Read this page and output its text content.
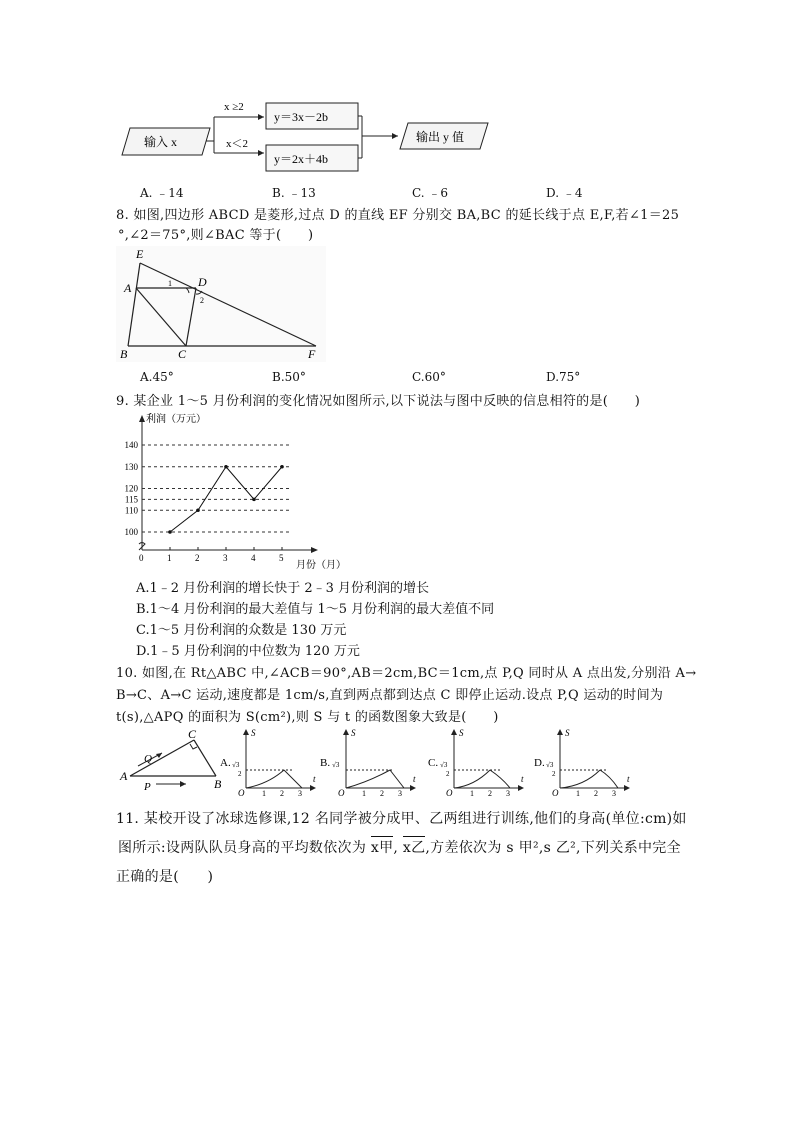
输入 x
x ≥2
x＜2
y＝3x－2b
y＝2x＋4b
输出 y 值
A. ﹣14	B. ﹣13	C. ﹣6	D. ﹣4
8. 如图,四边形 ABCD 是菱形,过点 D 的直线 EF 分别交 BA,BC 的延长线于点 E,F,若∠1＝25
°,∠2＝75°,则∠BAC 等于(　　)
E
A	D
B	C	F
1
2
A.45°	B.50°	C.60°	D.75°
9. 某企业 1～5 月份利润的变化情况如图所示,以下说法与图中反映的信息相符的是(　　)
利润（万元）
月份（月）
100
110
115
120
130
140
0	1	2	3	4	5
A.1﹣2 月份利润的增长快于 2﹣3 月份利润的增长
B.1～4 月份利润的最大差值与 1～5 月份利润的最大差值不同
C.1～5 月份利润的众数是 130 万元
D.1﹣5 月份利润的中位数为 120 万元
10. 如图,在 Rt△ABC 中,∠ACB＝90°,AB＝2cm,BC＝1cm,点 P,Q 同时从 A 点出发,分别沿 A→
B→C、A→C 运动,速度都是 1cm/s,直到两点都到达点 C 即停止运动.设点 P,Q 运动的时间为
t(s),△APQ 的面积为 S(cm²),则 S 与 t 的函数图象大致是(　　)
A
B
C
Q
P
A.
S
t
O
√3
2
1 2 3
B.
S
t
O
√3
1 2 3
C.
S
t
O
√3
2
1 2 3
D.
S
t
O
√3
2
1 2 3
11. 某校开设了冰球选修课,12 名同学被分成甲、乙两组进行训练,他们的身高(单位:cm)如
图所示:设两队队员身高的平均数依次为 x甲, x乙,方差依次为 s 甲²,s 乙²,下列关系中完全
正确的是(　　)
